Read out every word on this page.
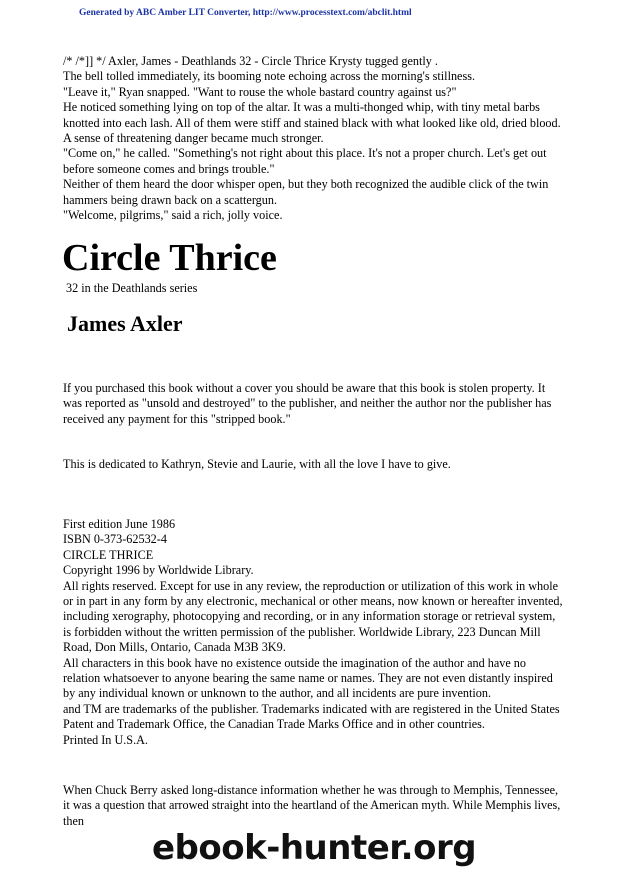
Generated by ABC Amber LIT Converter, http://www.processtext.com/abclit.html
/* /*]] */ Axler, James - Deathlands 32 - Circle Thrice Krysty tugged gently .
The bell tolled immediately, its booming note echoing across the morning's stillness.
"Leave it," Ryan snapped. "Want to rouse the whole bastard country against us?"
He noticed something lying on top of the altar. It was a multi-thonged whip, with tiny metal barbs knotted into each lash. All of them were stiff and stained black with what looked like old, dried blood. A sense of threatening danger became much stronger.
"Come on," he called. "Something's not right about this place. It's not a proper church. Let's get out before someone comes and brings trouble."
Neither of them heard the door whisper open, but they both recognized the audible click of the twin hammers being drawn back on a scattergun.
"Welcome, pilgrims," said a rich, jolly voice.
Circle Thrice
32 in the Deathlands series
James Axler
If you purchased this book without a cover you should be aware that this book is stolen property. It was reported as "unsold and destroyed" to the publisher, and neither the author nor the publisher has received any payment for this "stripped book."
This is dedicated to Kathryn, Stevie and Laurie, with all the love I have to give.
First edition June 1986
ISBN 0-373-62532-4
CIRCLE THRICE
Copyright 1996 by Worldwide Library.
All rights reserved. Except for use in any review, the reproduction or utilization of this work in whole or in part in any form by any electronic, mechanical or other means, now known or hereafter invented, including xerography, photocopying and recording, or in any information storage or retrieval system, is forbidden without the written permission of the publisher. Worldwide Library, 223 Duncan Mill Road, Don Mills, Ontario, Canada M3B 3K9.
All characters in this book have no existence outside the imagination of the author and have no relation whatsoever to anyone bearing the same name or names. They are not even distantly inspired by any individual known or unknown to the author, and all incidents are pure invention.
and TM are trademarks of the publisher. Trademarks indicated with are registered in the United States Patent and Trademark Office, the Canadian Trade Marks Office and in other countries.
Printed In U.S.A.
When Chuck Berry asked long-distance information whether he was through to Memphis, Tennessee, it was a question that arrowed straight into the heartland of the American myth. While Memphis lives, then
ebook-hunter.org
